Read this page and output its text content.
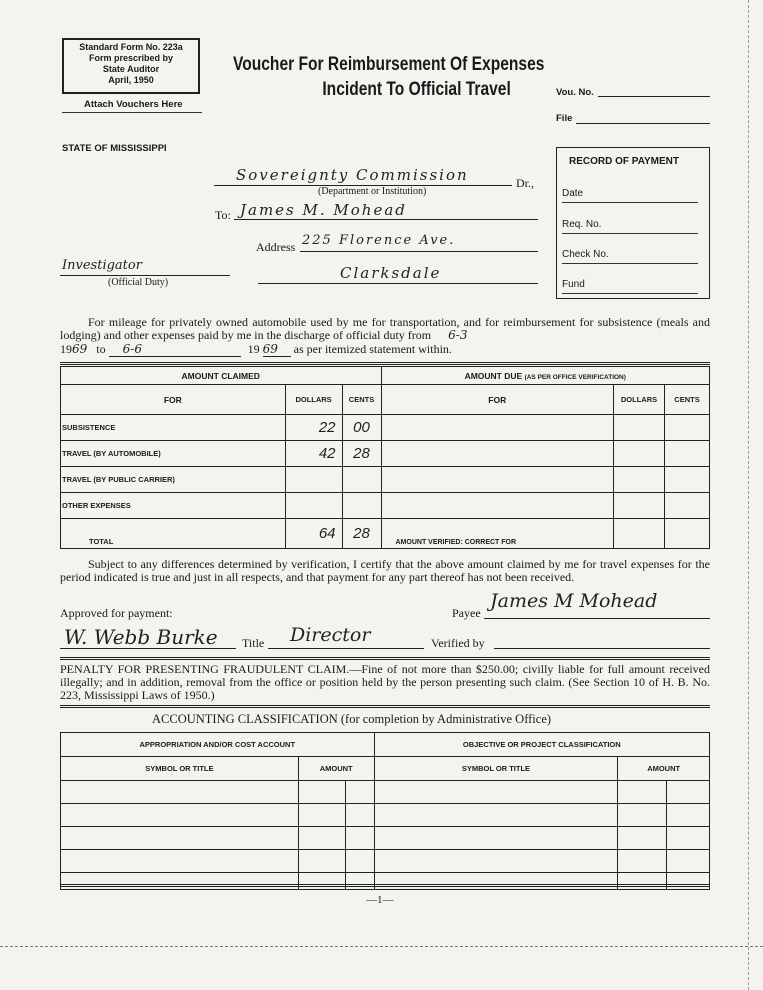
Standard Form No. 223a
Form prescribed by
State Auditor
April, 1950
Attach Vouchers Here
Voucher For Reimbursement Of Expenses
Incident To Official Travel	Vou. No.
File
STATE OF MISSISSIPPI
RECORD OF PAYMENT
Date
Req. No.
Check No.
Fund
Sovereignty Commission	Dr.,
(Department or Institution)
To: James M. Mohead
Address 225 Florence Ave.
Clarksdale
Investigator
(Official Duty)
For mileage for privately owned automobile used by me for transportation, and for reimbursement for subsistence (meals and lodging) and other expenses paid by me in the discharge of official duty from 6-3
1969 to 6-6	19 69 as per itemized statement within.
AMOUNT CLAIMED			AMOUNT DUE (AS PER OFFICE VERIFICATION)		
FOR	DOLLARS	CENTS	FOR	DOLLARS	CENTS
SUBSISTENCE	22	00			
TRAVEL (BY AUTOMOBILE)	42	28			
TRAVEL (BY PUBLIC CARRIER)					
OTHER EXPENSES					
TOTAL	64	28	AMOUNT VERIFIED: CORRECT FOR		
Subject to any differences determined by verification, I certify that the above amount claimed by me for travel expenses for the period indicated is true and just in all respects, and that payment for any part thereof has not been received.
Approved for payment:	Payee
James M Mohead
W. Webb Burke Title Director	Verified by
PENALTY FOR PRESENTING FRAUDULENT CLAIM.—Fine of not more than $250.00; civilly liable for full amount received illegally; and in addition, removal from the office or position held by the person presenting such claim. (See Section 10 of H. B. No. 223, Mississippi Laws of 1950.)
ACCOUNTING CLASSIFICATION (for completion by Administrative Office)
APPROPRIATION AND/OR COST ACCOUNT			OBJECTIVE OR PROJECT CLASSIFICATION		
SYMBOL OR TITLE	AMOUNT		SYMBOL OR TITLE	AMOUNT	

—1—
